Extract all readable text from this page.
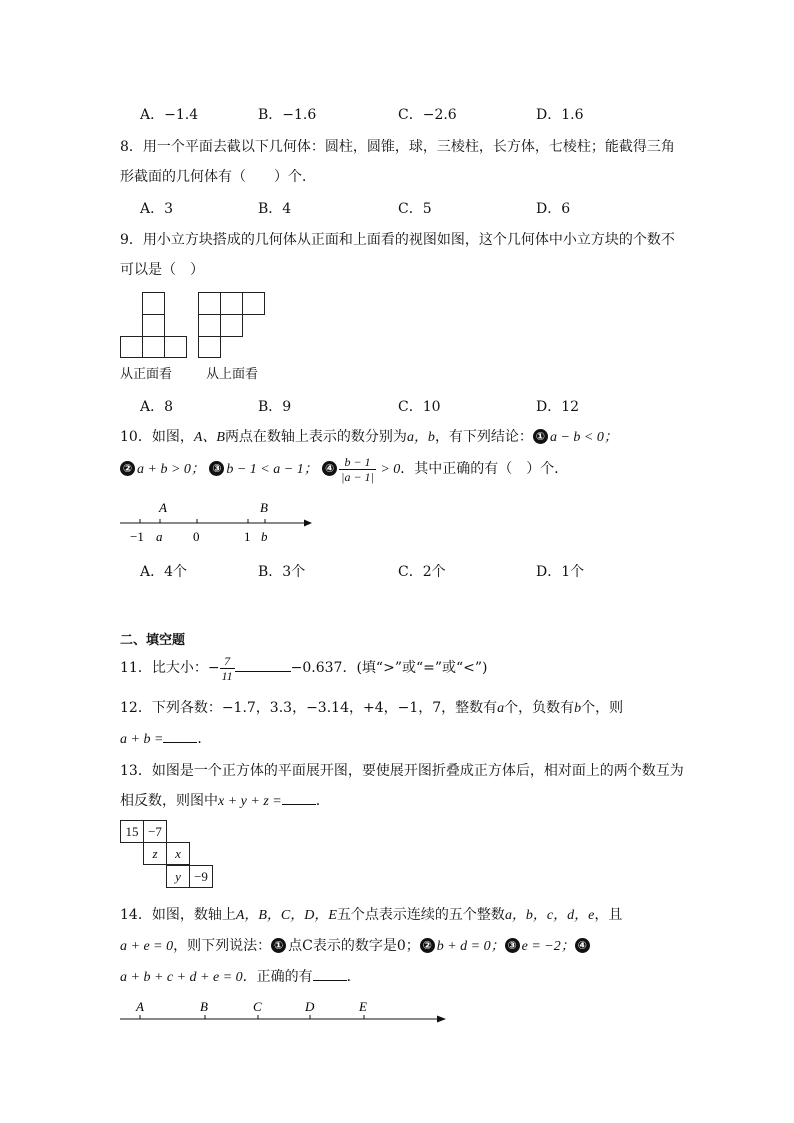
A．−1.4	B．−1.6	C．−2.6	D．1.6
8．用一个平面去截以下几何体：圆柱，圆锥，球，三棱柱，长方体，七棱柱；能截得三角
形截面的几何体有（　　）个．
A．3	B．4	C．5	D．6
9．用小立方块搭成的几何体从正面和上面看的视图如图，这个几何体中小立方块的个数不
可以是（　）
从正面看	从上面看
A．8	B．9	C．10	D．12
10．如图，A、B两点在数轴上表示的数分别为a，b，有下列结论： ① a − b < 0；
② a + b > 0； ③ b − 1 < a − 1； ④ $\frac{b - 1}{|a - 1|} > 0$．其中正确的有（　）个．
A	B
−1 a 0	1 b
A．4个	B．3个	C．2个	D．1个
二、填空题
11．比大小：− $\frac{7}{11}$	−0.637．(填“>”或“=”或“<”)
12．下列各数：−1.7，3.3，−3.14，+4，−1，7，整数有a个，负数有b个，则
a + b = ．
13．如图是一个正方体的平面展开图，要使展开图折叠成正方体后，相对面上的两个数互为
相反数，则图中x + y + z = ．
15 −7
z	x
y	−9
14．如图，数轴上A，B，C，D，E五个点表示连续的五个整数a，b，c，d，e，且
a + e = 0，则下列说法： ① 点C表示的数字是0； ② b + d = 0； ③ e = −2； ④
a + b + c + d + e = 0．正确的有 ．
A	B	C	D	E
